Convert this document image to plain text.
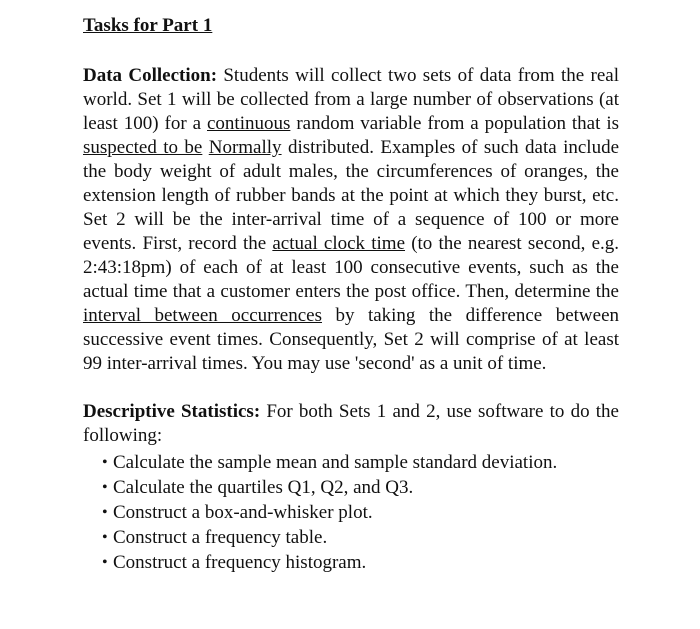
Tasks for Part 1

Data Collection: Students will collect two sets of data from the real world. Set 1 will be collected from a large number of observations (at least 100) for a continuous random variable from a population that is suspected to be Normally distributed. Examples of such data include the body weight of adult males, the circumferences of oranges, the extension length of rubber bands at the point at which they burst, etc. Set 2 will be the inter-arrival time of a sequence of 100 or more events. First, record the actual clock time (to the nearest second, e.g. 2:43:18pm) of each of at least 100 consecutive events, such as the actual time that a customer enters the post office. Then, determine the interval between occurrences by taking the difference between successive event times. Consequently, Set 2 will comprise of at least 99 inter-arrival times. You may use 'second' as a unit of time.

Descriptive Statistics: For both Sets 1 and 2, use software to do the following:

• Calculate the sample mean and sample standard deviation.
• Calculate the quartiles Q1, Q2, and Q3.
• Construct a box-and-whisker plot.
• Construct a frequency table.
• Construct a frequency histogram.
